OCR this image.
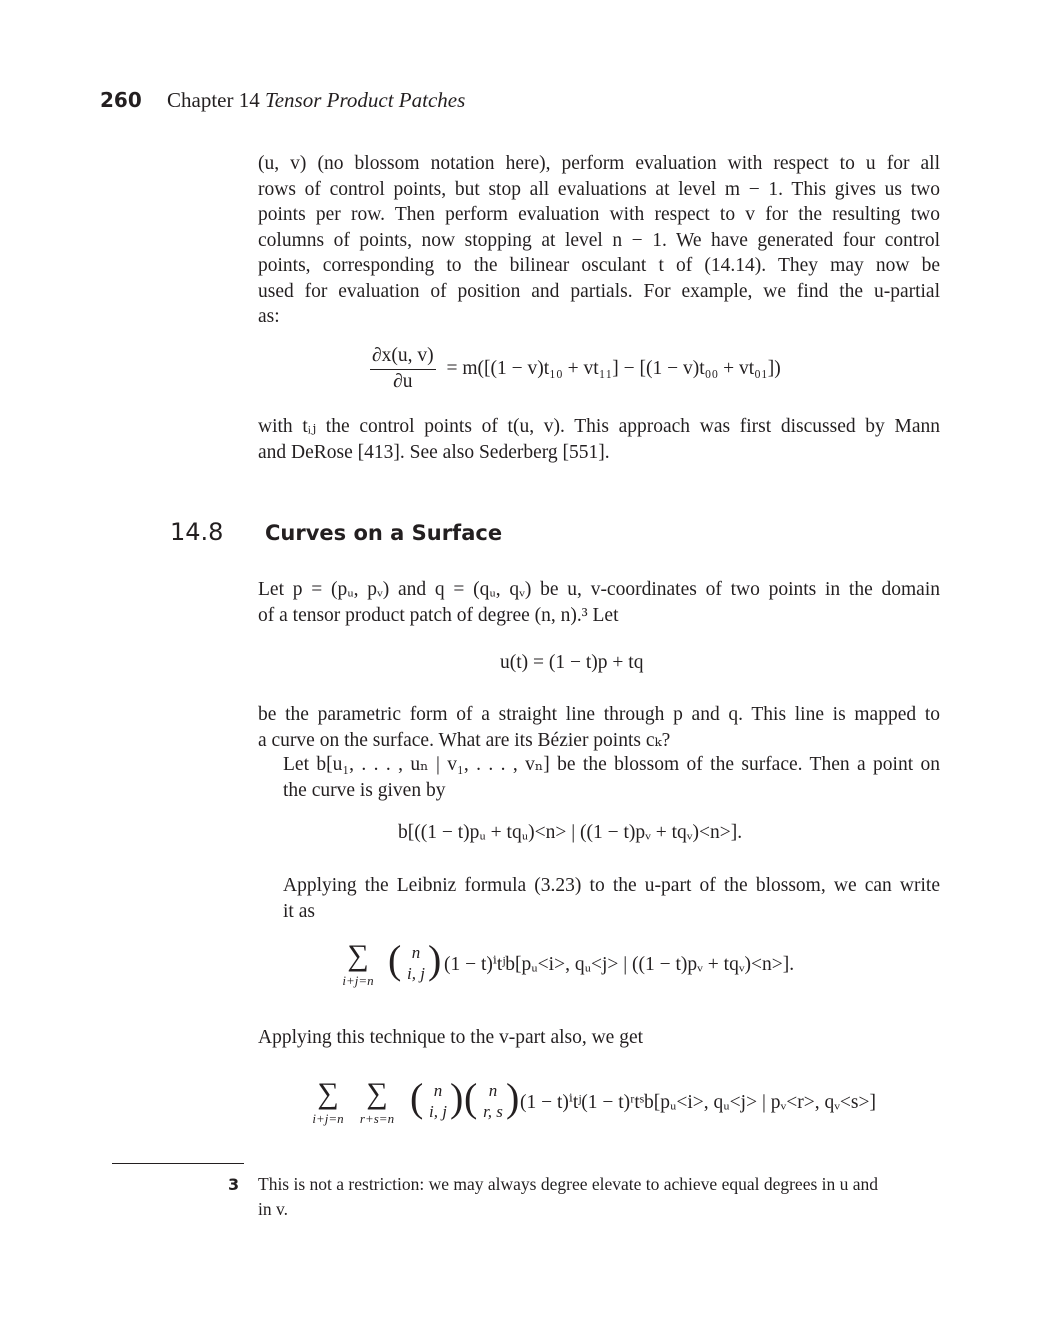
260 Chapter 14 Tensor Product Patches

(u, v) (no blossom notation here), perform evaluation with respect to u for all
rows of control points, but stop all evaluations at level m − 1. This gives us two
points per row. Then perform evaluation with respect to v for the resulting two
columns of points, now stopping at level n − 1. We have generated four control
points, corresponding to the bilinear osculant t of (14.14). They may now be
used for evaluation of position and partials. For example, we find the u-partial
as:

$\frac{\partial x(u, v)}{\partial u} = m([(1 - v)t_{10} + vt_{11}] - [(1 - v)t_{00} + vt_{01}])$

with tᵢⱼ the control points of t(u, v). This approach was first discussed by Mann
and DeRose [413]. See also Sederberg [551].

14.8 Curves on a Surface

Let p = (pᵤ, pᵥ) and q = (qᵤ, qᵥ) be u, v-coordinates of two points in the domain
of a tensor product patch of degree (n, n).³ Let

u(t) = (1 − t)p + tq

be the parametric form of a straight line through p and q. This line is mapped to
a curve on the surface. What are its Bézier points cₖ?

Let b[u₁, . . . , uₙ | v₁, . . . , vₙ] be the blossom of the surface. Then a point on
the curve is given by

b[((1 − t)pᵤ + tqᵤ)<n> | ((1 − t)pᵥ + tqᵥ)<n>].

Applying the Leibniz formula (3.23) to the u-part of the blossom, we can write
it as

∑
i+j=n ( n
i, j ) (1 − t)ⁱtʲb[pᵤ<i>, qᵤ<j> | ((1 − t)pᵥ + tqᵥ)<n>].

Applying this technique to the v-part also, we get

∑
i+j=n
∑
r+s=n ( n
i, j ) ( n
r, s ) (1 − t)ⁱtʲ(1 − t)ʳtˢb[pᵤ<i>, qᵤ<j> | pᵥ<r>, qᵥ<s>]
3 This is not a restriction: we may always degree elevate to achieve equal degrees in u and
in v.
